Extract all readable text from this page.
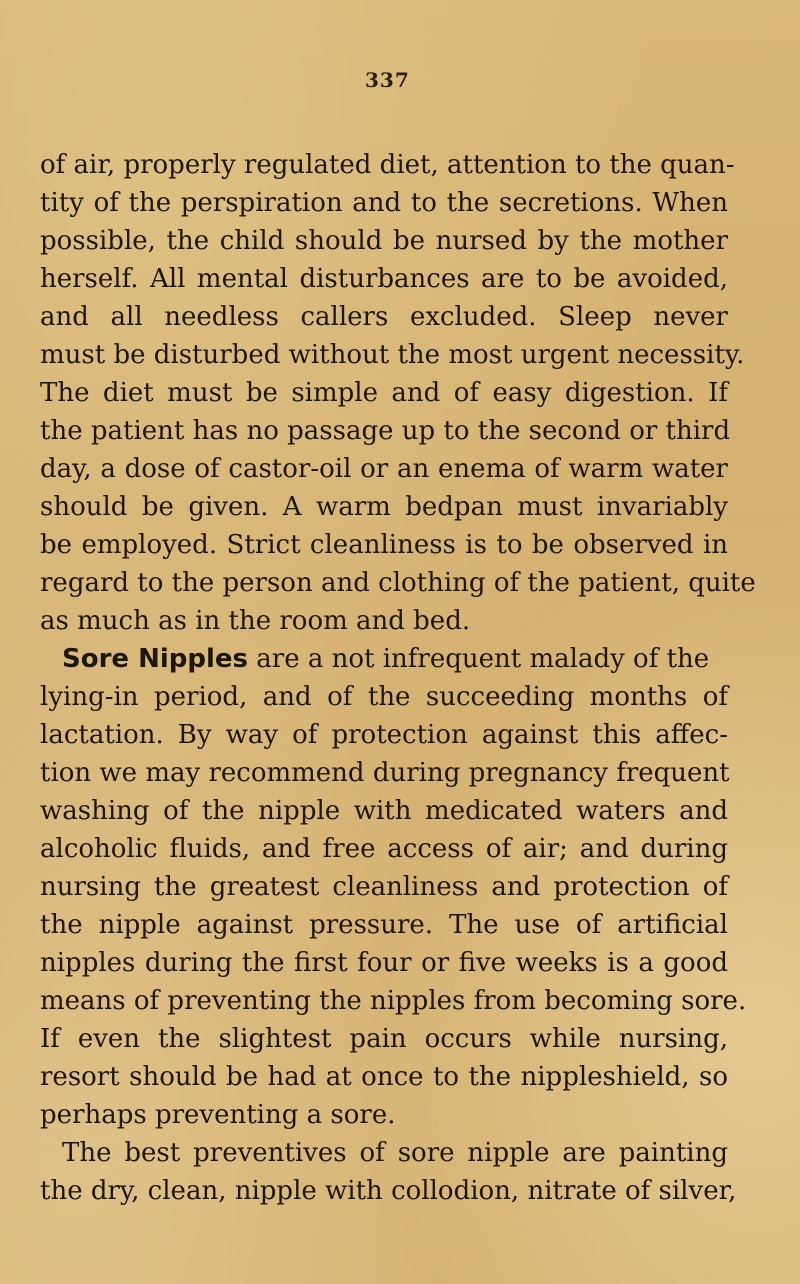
337
of air, properly regulated diet, attention to the quan-
tity of the perspiration and to the secretions. When
possible, the child should be nursed by the mother
herself. All mental disturbances are to be avoided,
and all needless callers excluded. Sleep never
must be disturbed without the most urgent necessity.
The diet must be simple and of easy digestion. If
the patient has no passage up to the second or third
day, a dose of castor-oil or an enema of warm water
should be given. A warm bedpan must invariably
be employed. Strict cleanliness is to be observed in
regard to the person and clothing of the patient, quite
as much as in the room and bed.
Sore Nipples are a not infrequent malady of the
lying-in period, and of the succeeding months of
lactation. By way of protection against this affec-
tion we may recommend during pregnancy frequent
washing of the nipple with medicated waters and
alcoholic fluids, and free access of air; and during
nursing the greatest cleanliness and protection of
the nipple against pressure. The use of artificial
nipples during the first four or five weeks is a good
means of preventing the nipples from becoming sore.
If even the slightest pain occurs while nursing,
resort should be had at once to the nippleshield, so
perhaps preventing a sore.
The best preventives of sore nipple are painting
the dry, clean, nipple with collodion, nitrate of silver,
